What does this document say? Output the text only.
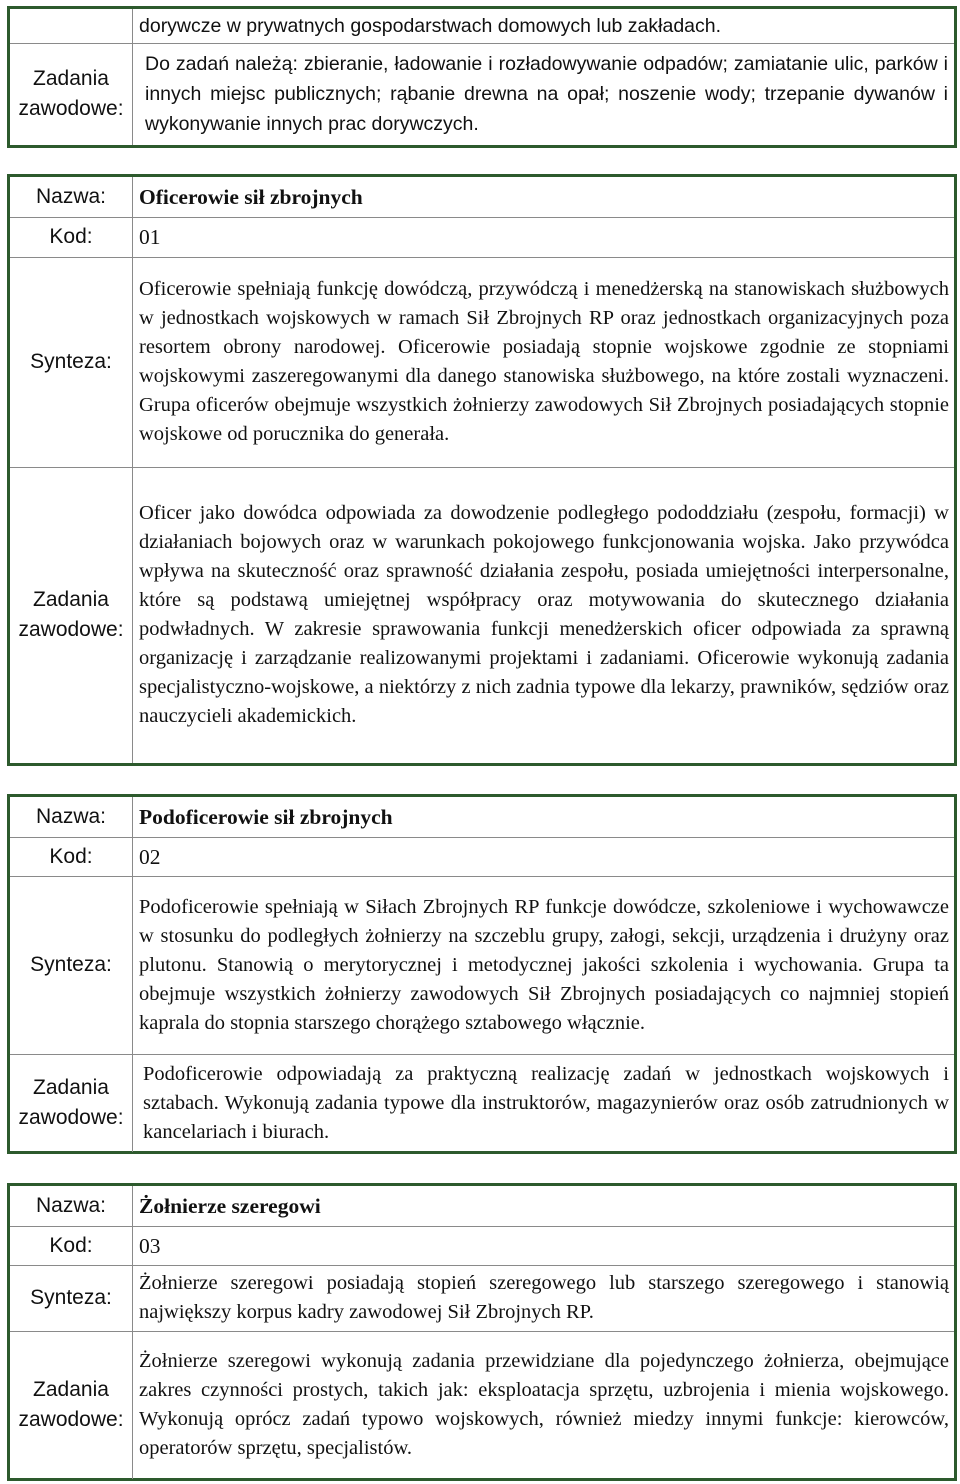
	dorywcze w prywatnych gospodarstwach domowych lub zakładach.

Zadania
zawodowe:	Do zadań należą: zbieranie, ładowanie i rozładowywanie odpadów; zamiatanie ulic, parków i innych miejsc publicznych; rąbanie drewna na opał; noszenie wody; trzepanie dywanów i wykonywanie innych prac dorywczych.
Nazwa:	Oficerowie sił zbrojnych
Kod:	01
Synteza:	Oficerowie spełniają funkcję dowódczą, przywódczą i menedżerską na stanowiskach służbowych w jednostkach wojskowych w ramach Sił Zbrojnych RP oraz jednostkach organizacyjnych poza resortem obrony narodowej. Oficerowie posiadają stopnie wojskowe zgodnie ze stopniami wojskowymi zaszeregowanymi dla danego stanowiska służbowego, na które zostali wyznaczeni. Grupa oficerów obejmuje wszystkich żołnierzy zawodowych Sił Zbrojnych posiadających stopnie wojskowe od porucznika do generała.

Zadania
zawodowe:	Oficer jako dowódca odpowiada za dowodzenie podległego pododdziału (zespołu, formacji) w działaniach bojowych oraz w warunkach pokojowego funkcjonowania wojska. Jako przywódca wpływa na skuteczność oraz sprawność działania zespołu, posiada umiejętności interpersonalne, które są podstawą umiejętnej współpracy oraz motywowania do skutecznego działania podwładnych. W zakresie sprawowania funkcji menedżerskich oficer odpowiada za sprawną organizację i zarządzanie realizowanymi projektami i zadaniami. Oficerowie wykonują zadania specjalistyczno-wojskowe, a niektórzy z nich zadnia typowe dla lekarzy, prawników, sędziów oraz nauczycieli akademickich.
Nazwa:	Podoficerowie sił zbrojnych
Kod:	02
Synteza:	Podoficerowie spełniają w Siłach Zbrojnych RP funkcje dowódcze, szkoleniowe i wychowawcze w stosunku do podległych żołnierzy na szczeblu grupy, załogi, sekcji, urządzenia i drużyny oraz plutonu. Stanowią o merytorycznej i metodycznej jakości szkolenia i wychowania. Grupa ta obejmuje wszystkich żołnierzy zawodowych Sił Zbrojnych posiadających co najmniej stopień kaprala do stopnia starszego chorążego sztabowego włącznie.

Zadania
zawodowe:	Podoficerowie odpowiadają za praktyczną realizację zadań w jednostkach wojskowych i sztabach. Wykonują zadania typowe dla instruktorów, magazynierów oraz osób zatrudnionych w kancelariach i biurach.
Nazwa:	Żołnierze szeregowi
Kod:	03
Synteza:	Żołnierze szeregowi posiadają stopień szeregowego lub starszego szeregowego i stanowią największy korpus kadry zawodowej Sił Zbrojnych RP.

Zadania
zawodowe:	Żołnierze szeregowi wykonują zadania przewidziane dla pojedynczego żołnierza, obejmujące zakres czynności prostych, takich jak: eksploatacja sprzętu, uzbrojenia i mienia wojskowego. Wykonują oprócz zadań typowo wojskowych, również miedzy innymi funkcje: kierowców, operatorów sprzętu, specjalistów.
